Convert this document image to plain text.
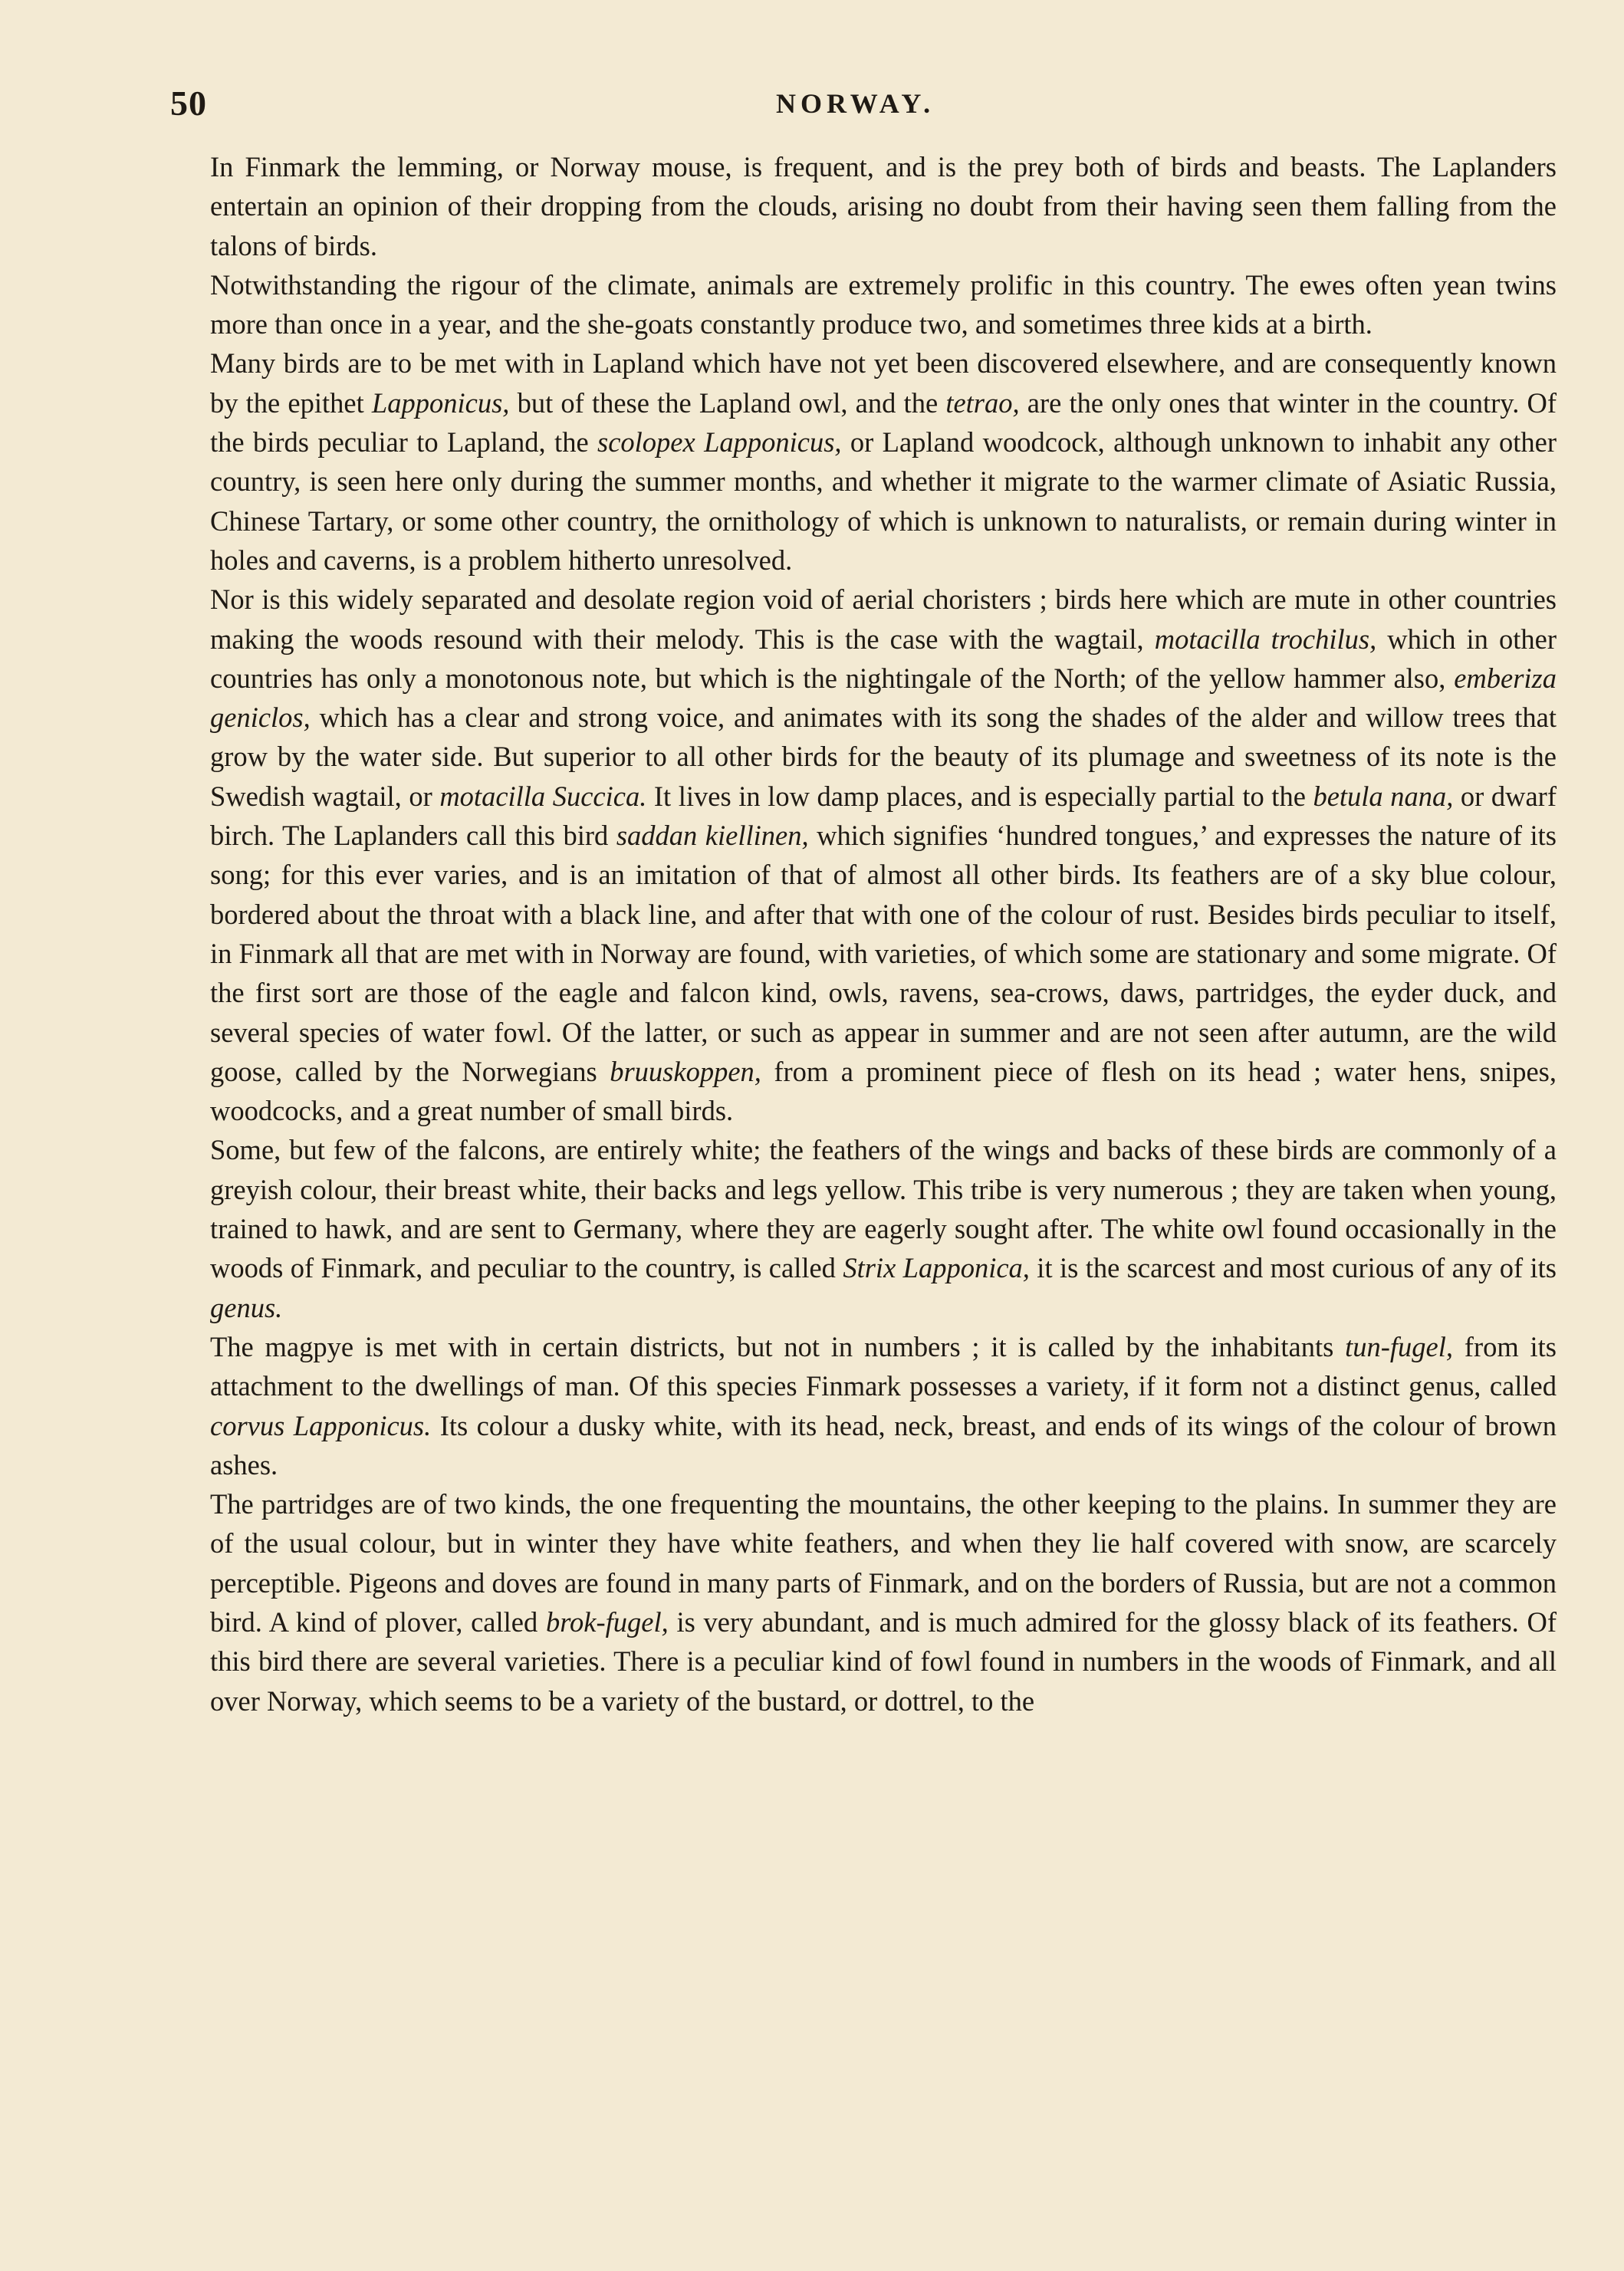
50	NORWAY.

In Finmark the lemming, or Norway mouse, is frequent, and is the prey both of birds and beasts. The Laplanders entertain an opinion of their dropping from the clouds, arising no doubt from their having seen them falling from the talons of birds.

Notwithstanding the rigour of the climate, animals are extremely prolific in this country. The ewes often yean twins more than once in a year, and the she-goats constantly produce two, and sometimes three kids at a birth.

Many birds are to be met with in Lapland which have not yet been discovered elsewhere, and are consequently known by the epithet Lapponicus, but of these the Lapland owl, and the tetrao, are the only ones that winter in the country. Of the birds peculiar to Lapland, the scolopex Lapponicus, or Lapland woodcock, although unknown to inhabit any other country, is seen here only during the summer months, and whether it migrate to the warmer climate of Asiatic Russia, Chinese Tartary, or some other country, the ornithology of which is unknown to naturalists, or remain during winter in holes and caverns, is a problem hitherto unresolved.

Nor is this widely separated and desolate region void of aerial choristers ; birds here which are mute in other countries making the woods resound with their melody. This is the case with the wagtail, motacilla trochilus, which in other countries has only a monotonous note, but which is the nightingale of the North; of the yellow hammer also, emberiza geniclos, which has a clear and strong voice, and animates with its song the shades of the alder and willow trees that grow by the water side. But superior to all other birds for the beauty of its plumage and sweetness of its note is the Swedish wagtail, or motacilla Succica. It lives in low damp places, and is especially partial to the betula nana, or dwarf birch. The Laplanders call this bird saddan kiellinen, which signifies ‘hundred tongues,’ and expresses the nature of its song; for this ever varies, and is an imitation of that of almost all other birds. Its feathers are of a sky blue colour, bordered about the throat with a black line, and after that with one of the colour of rust. Besides birds peculiar to itself, in Finmark all that are met with in Norway are found, with varieties, of which some are stationary and some migrate. Of the first sort are those of the eagle and falcon kind, owls, ravens, sea-crows, daws, partridges, the eyder duck, and several species of water fowl. Of the latter, or such as appear in summer and are not seen after autumn, are the wild goose, called by the Norwegians bruuskoppen, from a prominent piece of flesh on its head ; water hens, snipes, woodcocks, and a great number of small birds.

Some, but few of the falcons, are entirely white; the feathers of the wings and backs of these birds are commonly of a greyish colour, their breast white, their backs and legs yellow. This tribe is very numerous ; they are taken when young, trained to hawk, and are sent to Germany, where they are eagerly sought after. The white owl found occasionally in the woods of Finmark, and peculiar to the country, is called Strix Lapponica, it is the scarcest and most curious of any of its genus.

The magpye is met with in certain districts, but not in numbers ; it is called by the inhabitants tun-fugel, from its attachment to the dwellings of man. Of this species Finmark possesses a variety, if it form not a distinct genus, called corvus Lapponicus. Its colour a dusky white, with its head, neck, breast, and ends of its wings of the colour of brown ashes.

The partridges are of two kinds, the one frequenting the mountains, the other keeping to the plains. In summer they are of the usual colour, but in winter they have white feathers, and when they lie half covered with snow, are scarcely perceptible. Pigeons and doves are found in many parts of Finmark, and on the borders of Russia, but are not a common bird. A kind of plover, called brok-fugel, is very abundant, and is much admired for the glossy black of its feathers. Of this bird there are several varieties. There is a peculiar kind of fowl found in numbers in the woods of Finmark, and all over Norway, which seems to be a variety of the bustard, or dottrel, to the
